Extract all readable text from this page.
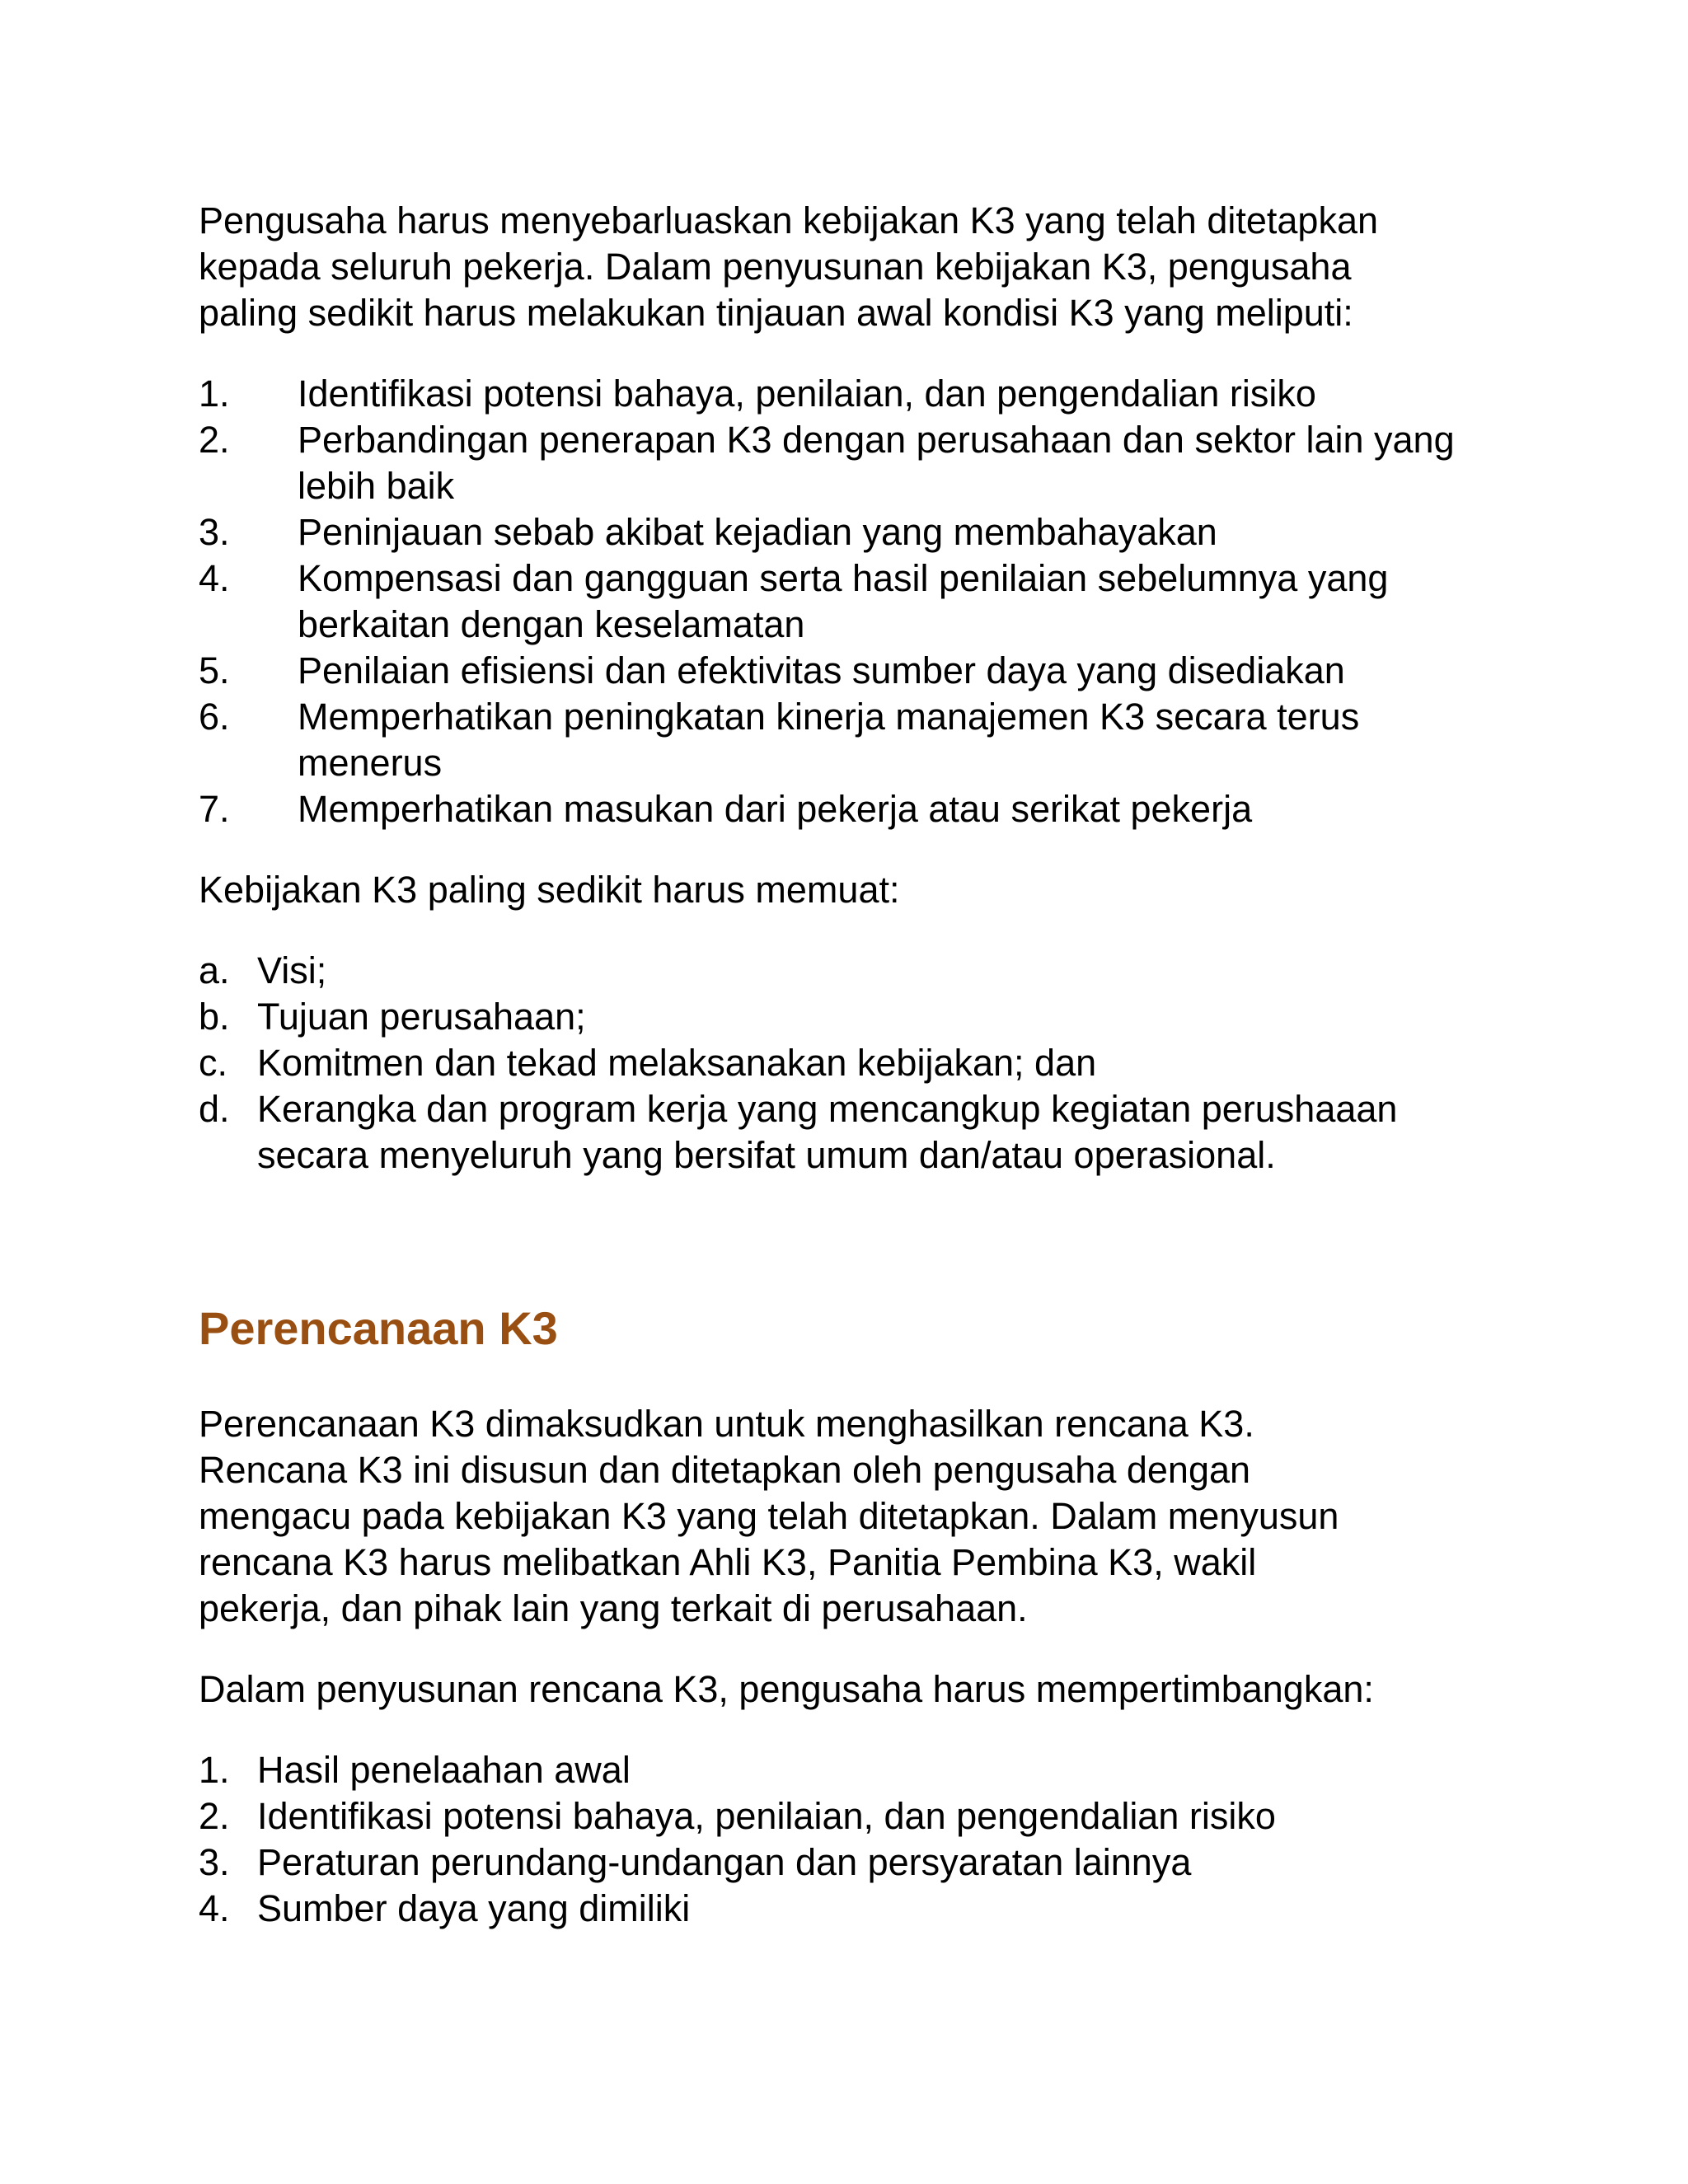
Pengusaha harus menyebarluaskan kebijakan K3 yang telah ditetapkan kepada seluruh pekerja. Dalam penyusunan kebijakan K3, pengusaha paling sedikit harus melakukan tinjauan awal kondisi K3 yang meliputi:

1.	Identifikasi potensi bahaya, penilaian, dan pengendalian risiko
2.	Perbandingan penerapan K3 dengan perusahaan dan sektor lain yang lebih baik
3.	Peninjauan sebab akibat kejadian yang membahayakan
4.	Kompensasi dan gangguan serta hasil penilaian sebelumnya yang berkaitan dengan keselamatan
5.	Penilaian efisiensi dan efektivitas sumber daya yang disediakan
6.	Memperhatikan peningkatan kinerja manajemen K3 secara terus menerus
7.	Memperhatikan masukan dari pekerja atau serikat pekerja

Kebijakan K3 paling sedikit harus memuat:

a. Visi;
b. Tujuan perusahaan;
c. Komitmen dan tekad melaksanakan kebijakan; dan
d. Kerangka dan program kerja yang mencangkup kegiatan perushaaan secara menyeluruh yang bersifat umum dan/atau operasional.
Perencanaan K3

Perencanaan K3 dimaksudkan untuk menghasilkan rencana K3. Rencana K3 ini disusun dan ditetapkan oleh pengusaha dengan mengacu pada kebijakan K3 yang telah ditetapkan. Dalam menyusun rencana K3 harus melibatkan Ahli K3, Panitia Pembina K3, wakil pekerja, dan pihak lain yang terkait di perusahaan.

Dalam penyusunan rencana K3, pengusaha harus mempertimbangkan:

1. Hasil penelaahan awal
2. Identifikasi potensi bahaya, penilaian, dan pengendalian risiko
3. Peraturan perundang-undangan dan persyaratan lainnya
4. Sumber daya yang dimiliki
